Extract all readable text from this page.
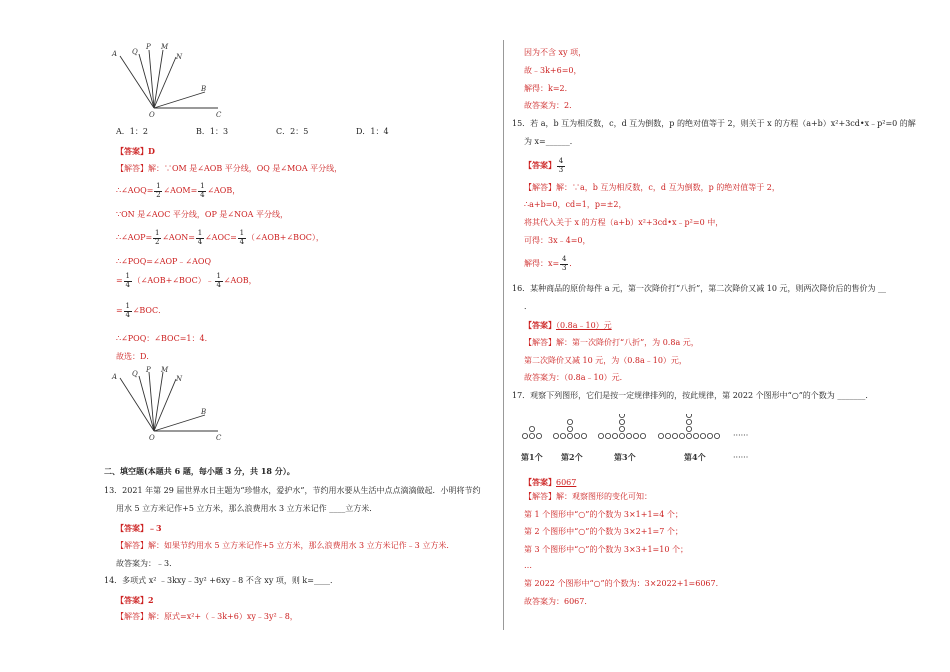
A Q
P M
N
B
O	C
A．1：2	B．1：3	C．2：5	D．1：4
【答案】D
【解答】解：∵OM 是∠AOB 平分线，OQ 是∠MOA 平分线，
∴∠AOQ= $\frac{1}{2}$ ∠AOM= $\frac{1}{4}$ ∠AOB，
∵ON 是∠AOC 平分线，OP 是∠NOA 平分线，
∴∠AOP= $\frac{1}{2}$ ∠AON= $\frac{1}{4}$ ∠AOC= $\frac{1}{4}$ （∠AOB+∠BOC），
∴∠POQ=∠AOP﹣∠AOQ
= $\frac{1}{4}$ （∠AOB+∠BOC）﹣ $\frac{1}{4}$ ∠AOB，
= $\frac{1}{4}$ ∠BOC．
∴∠POQ：∠BOC=1：4．
故选：D．
A Q P M
N
B
O	C
二、填空题(本题共 6 题，每小题 3 分，共 18 分）。
13．2021 年第 29 届世界水日主题为“珍惜水，爱护水”，节约用水要从生活中点点滴滴做起．小明将节约
用水 5 立方米记作+5 立方米，那么浪费用水 3 立方米记作 ____立方米．
【答案】﹣3
【解答】解：如果节约用水 5 立方米记作+5 立方米，那么浪费用水 3 立方米记作﹣3 立方米．
故答案为：﹣3．
14．多项式 x² ﹣3kxy﹣3y² +6xy﹣8 不含 xy 项，则 k=____．
【答案】2
【解答】解：原式=x²+（﹣3k+6）xy﹣3y²﹣8，
因为不含 xy 项，
故﹣3k+6=0，
解得：k=2．
故答案为：2．
15．若 a，b 互为相反数，c，d 互为倒数，p 的绝对值等于 2，则关于 x 的方程（a+b）x²+3cd•x﹣p²=0 的解
为 x=______．
【答案】 $\frac{4}{3}$
【解答】解：∵a，b 互为相反数，c，d 互为倒数，p 的绝对值等于 2，
∴a+b=0，cd=1，p=±2，
将其代入关于 x 的方程（a+b）x²+3cd•x﹣p²=0 中，
可得：3x﹣4=0，
解得：$x= \frac{4}{3}$ ．
16．某种商品的原价每件 a 元，第一次降价打“八折”，第二次降价又减 10 元，则两次降价后的售价为 __
．
【答案】（0.8a﹣10）元
【解答】解：第一次降价打“八折”，为 0.8a 元，
第二次降价又减 10 元，为（0.8a﹣10）元，
故答案为：（0.8a﹣10）元．
17．观察下列图形，它们是按一定规律排列的，按此规律，第 2022 个图形中“○”的个数为 _______．
······
第1个 第2个	第3个	第4个	······
【答案】6067
【解答】解：观察图形的变化可知：
第 1 个图形中“○”的个数为 3×1+1=4 个；
第 2 个图形中“○”的个数为 3×2+1=7 个；
第 3 个图形中“○”的个数为 3×3+1=10 个；
…
第 2022 个图形中“○”的个数为：3×2022+1=6067．
故答案为：6067．
